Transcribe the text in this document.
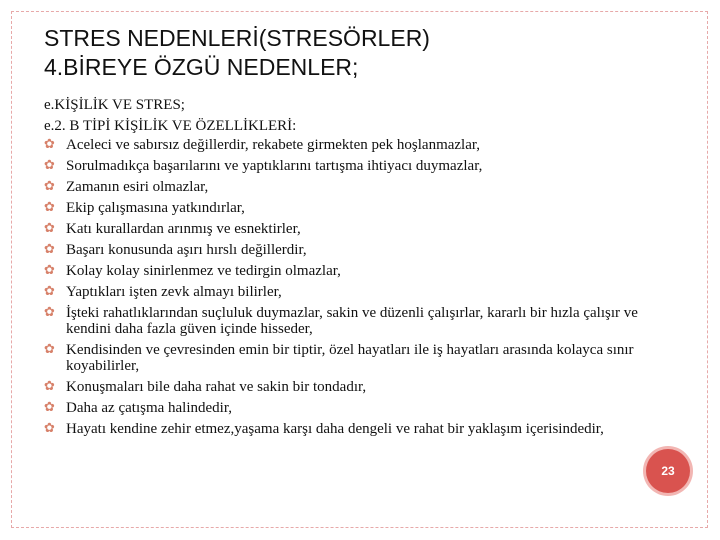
STRES NEDENLERİ(STRESÖRLER)
4.BİREYE ÖZGÜ NEDENLER;
e.KİŞİLİK VE STRES;
e.2. B TİPİ KİŞİLİK VE ÖZELLİKLERİ:
✿ Aceleci ve sabırsız değillerdir, rekabete girmekten pek hoşlanmazlar,
✿ Sorulmadıkça başarılarını ve yaptıklarını tartışma ihtiyacı duymazlar,
✿ Zamanın esiri olmazlar,
✿ Ekip çalışmasına yatkındırlar,
✿ Katı kurallardan arınmış ve esnektirler,
✿ Başarı konusunda aşırı hırslı değillerdir,
✿ Kolay kolay sinirlenmez ve tedirgin olmazlar,
✿ Yaptıkları işten zevk almayı bilirler,
✿ İşteki rahatlıklarından suçluluk duymazlar, sakin ve düzenli çalışırlar, kararlı bir hızla çalışır ve kendini daha fazla güven içinde hisseder,
✿ Kendisinden ve çevresinden emin bir tiptir, özel hayatları ile iş hayatları arasında kolayca sınır koyabilirler,
✿ Konuşmaları bile daha rahat ve sakin bir tondadır,
✿ Daha az çatışma halindedir,
✿ Hayatı kendine zehir etmez,yaşama karşı daha dengeli ve rahat bir yaklaşım içerisindedir,
23
